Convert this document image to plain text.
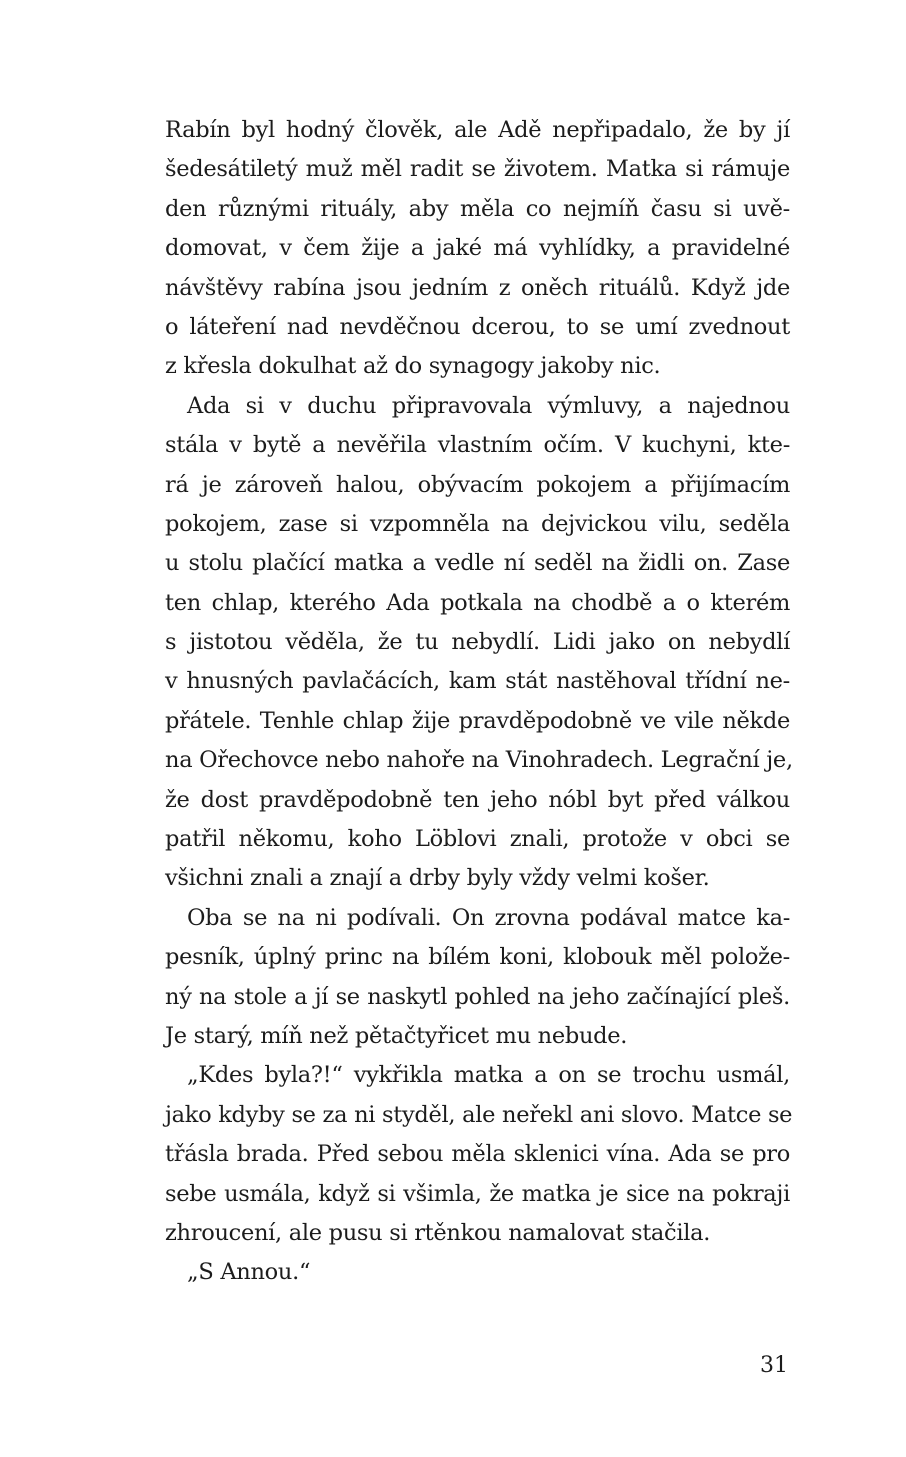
Rabín byl hodný člověk, ale Adě nepřipadalo, že by jí
šedesátiletý muž měl radit se životem. Matka si rámuje
den různými rituály, aby měla co nejmíň času si uvě-
domovat, v čem žije a jaké má vyhlídky, a pravidelné
návštěvy rabína jsou jedním z oněch rituálů. Když jde
o láteření nad nevděčnou dcerou, to se umí zvednout
z křesla dokulhat až do synagogy jakoby nic.
Ada si v duchu připravovala výmluvy, a najednou
stála v bytě a nevěřila vlastním očím. V kuchyni, kte-
rá je zároveň halou, obývacím pokojem a přijímacím
pokojem, zase si vzpomněla na dejvickou vilu, seděla
u stolu plačící matka a vedle ní seděl na židli on. Zase
ten chlap, kterého Ada potkala na chodbě a o kterém
s jistotou věděla, že tu nebydlí. Lidi jako on nebydlí
v hnusných pavlačácích, kam stát nastěhoval třídní ne-
přátele. Tenhle chlap žije pravděpodobně ve vile někde
na Ořechovce nebo nahoře na Vinohradech. Legrační je,
že dost pravděpodobně ten jeho nóbl byt před válkou
patřil někomu, koho Löblovi znali, protože v obci se
všichni znali a znají a drby byly vždy velmi košer.
Oba se na ni podívali. On zrovna podával matce ka-
pesník, úplný princ na bílém koni, klobouk měl polože-
ný na stole a jí se naskytl pohled na jeho začínající pleš.
Je starý, míň než pětačtyřicet mu nebude.
„Kdes byla?!“ vykřikla matka a on se trochu usmál,
jako kdyby se za ni styděl, ale neřekl ani slovo. Matce se
třásla brada. Před sebou měla sklenici vína. Ada se pro
sebe usmála, když si všimla, že matka je sice na pokraji
zhroucení, ale pusu si rtěnkou namalovat stačila.
„S Annou.“
31
